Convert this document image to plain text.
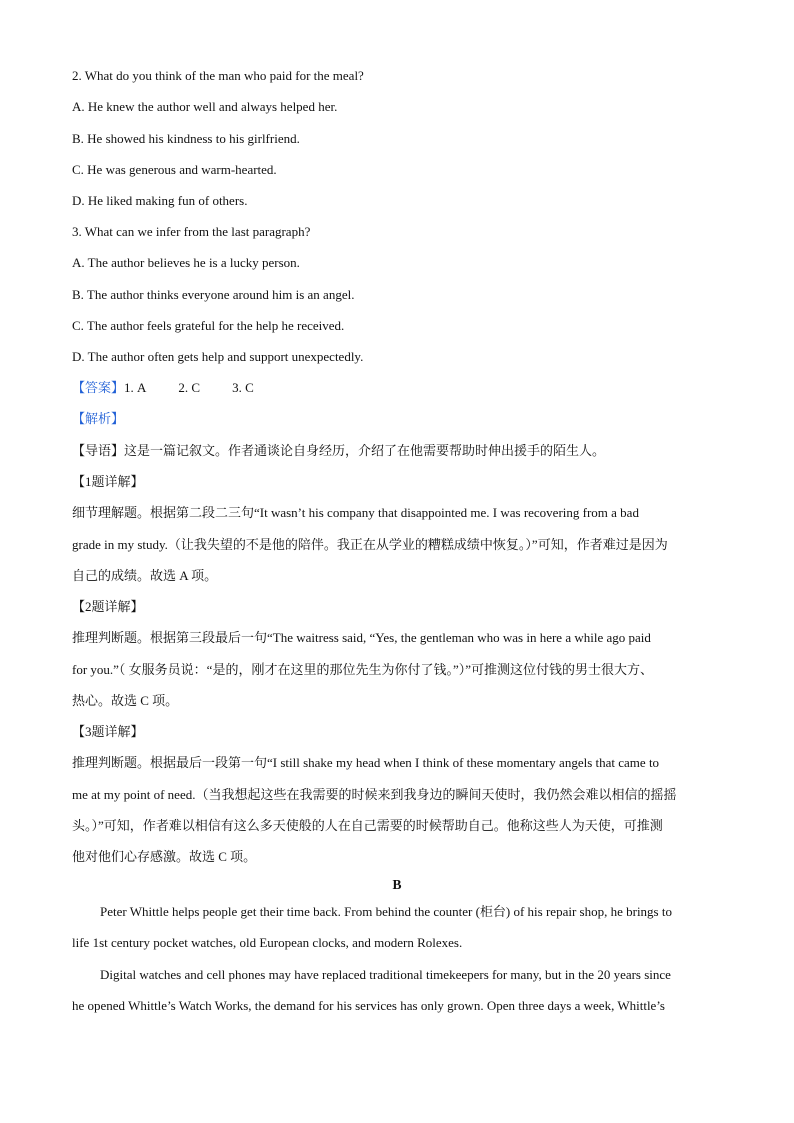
2. What do you think of the man who paid for the meal?
A. He knew the author well and always helped her.
B. He showed his kindness to his girlfriend.
C. He was generous and warm-hearted.
D. He liked making fun of others.
3. What can we infer from the last paragraph?
A. The author believes he is a lucky person.
B. The author thinks everyone around him is an angel.
C. The author feels grateful for the help he received.
D. The author often gets help and support unexpectedly.
【答案】1. A 2. C 3. C
【解析】
【导语】这是一篇记叙文。作者通谈论自身经历，介绍了在他需要帮助时伸出援手的陌生人。
【1题详解】
细节理解题。根据第二段二三句“It wasn’t his company that disappointed me. I was recovering from a bad
grade in my study.（让我失望的不是他的陪伴。我正在从学业的糟糕成绩中恢复。）”可知，作者难过是因为
自己的成绩。故选 A 项。
【2题详解】
推理判断题。根据第三段最后一句“The waitress said, “Yes, the gentleman who was in here a while ago paid
for you.”（ 女服务员说：“是的，刚才在这里的那位先生为你付了钱。”）”可推测这位付钱的男士很大方、
热心。故选 C 项。
【3题详解】
推理判断题。根据最后一段第一句“I still shake my head when I think of these momentary angels that came to
me at my point of need.（当我想起这些在我需要的时候来到我身边的瞬间天使时，我仍然会难以相信的摇摇
头。）”可知，作者难以相信有这么多天使般的人在自己需要的时候帮助自己。他称这些人为天使，可推测
他对他们心存感激。故选 C 项。
B
Peter Whittle helps people get their time back. From behind the counter (柜台) of his repair shop, he brings to
life 1st century pocket watches, old European clocks, and modern Rolexes.
Digital watches and cell phones may have replaced traditional timekeepers for many, but in the 20 years since
he opened Whittle’s Watch Works, the demand for his services has only grown. Open three days a week, Whittle’s
